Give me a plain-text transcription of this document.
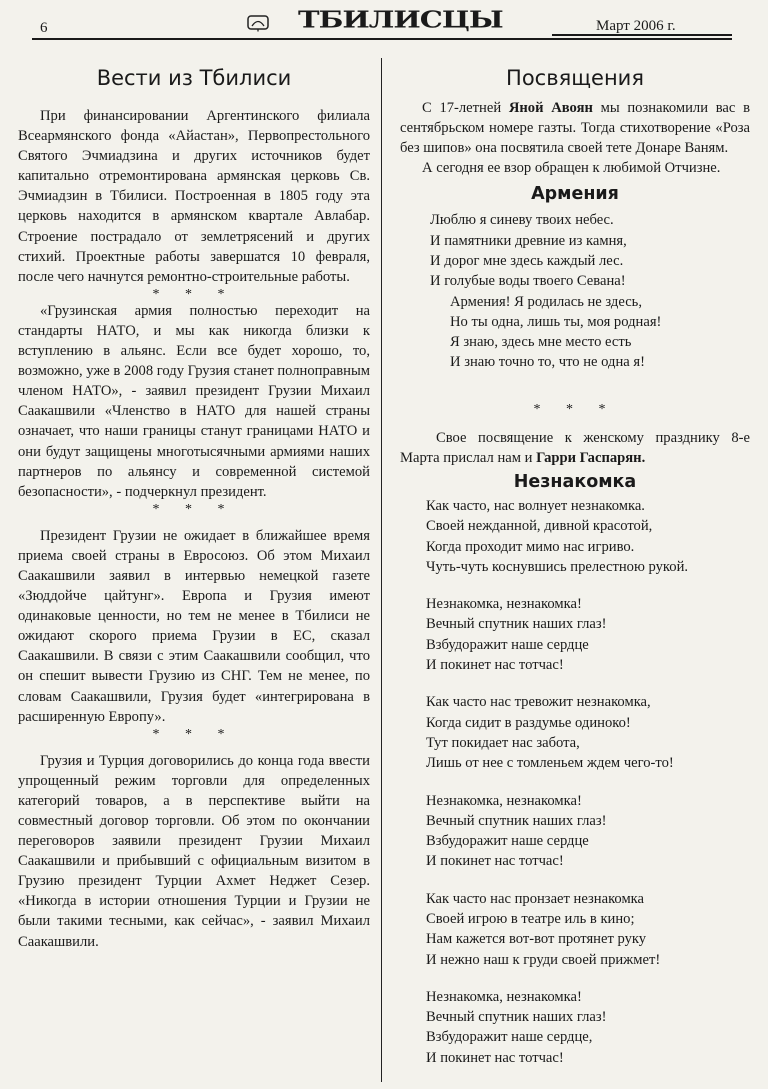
6	ТБИЛИСЦЫ	Март 2006 г.
Вести из Тбилиси

При финансировании Аргентинского филиала Всеармянского фонда «Айастан», Первопрестольного Святого Эчмиадзина и других источников будет капитально отремонтирована армянская церковь Св. Эчмиадзин в Тбилиси. Построенная в 1805 году эта церковь находится в армянском квартале Авлабар. Строение пострадало от землетрясений и других стихий. Проектные работы завершатся 10 февраля, после чего начнутся ремонтно-строительные работы.

* * *

«Грузинская армия полностью переходит на стандарты НАТО, и мы как никогда близки к вступлению в альянс. Если все будет хорошо, то, возможно, уже в 2008 году Грузия станет полноправным членом НАТО», - заявил президент Грузии Михаил Саакашвили «Членство в НАТО для нашей страны означает, что наши границы станут границами НАТО и они будут защищены многотысячными армиями наших партнеров по альянсу и современной системой безопасности», - подчеркнул президент.

* * *

Президент Грузии не ожидает в ближайшее время приема своей страны в Евросоюз. Об этом Михаил Саакашвили заявил в интервью немецкой газете «Зюддойче цайтунг». Европа и Грузия имеют одинаковые ценности, но тем не менее в Тбилиси не ожидают скорого приема Грузии в ЕС, сказал Саакашвили. В связи с этим Саакашвили сообщил, что он спешит вывести Грузию из СНГ. Тем не менее, по словам Саакашвили, Грузия будет «интегрирована в расширенную Европу».

* * *

Грузия и Турция договорились до конца года ввести упрощенный режим торговли для определенных категорий товаров, а в перспективе выйти на совместный договор торговли. Об этом по окончании переговоров заявили президент Грузии Михаил Саакашвили и прибывший с официальным визитом в Грузию президент Турции Ахмет Неджет Сезер. «Никогда в истории отношения Турции и Грузии не были такими тесными, как сейчас», - заявил Михаил Саакашвили.

Посвящения

С 17-летней Яной Авоян мы познакомили вас в сентябрьском номере газты. Тогда стихотворение «Роза без шипов» она посвятила своей тете Донаре Ваням.

А сегодня ее взор обращен к любимой Отчизне.

Армения
Люблю я синеву твоих небес.
И памятники древние из камня,
И дорог мне здесь каждый лес.
И голубые воды твоего Севана!
Армения! Я родилась не здесь,
Но ты одна, лишь ты, моя родная!
Я знаю, здесь мне место есть
И знаю точно то, что не одна я!
* * *

Свое посвящение к женскому празднику 8-е Марта прислал нам и Гарри Гаспарян.

Незнакомка
Как часто, нас волнует незнакомка.
Своей нежданной, дивной красотой,
Когда проходит мимо нас игриво.
Чуть-чуть коснувшись прелестною рукой.
Незнакомка, незнакомка!
Вечный спутник наших глаз!
Взбудоражит наше сердце
И покинет нас тотчас!
Как часто нас тревожит незнакомка,
Когда сидит в раздумье одиноко!
Тут покидает нас забота,
Лишь от нее с томленьем ждем чего-то!
Незнакомка, незнакомка!
Вечный спутник наших глаз!
Взбудоражит наше сердце
И покинет нас тотчас!
Как часто нас пронзает незнакомка
Своей игрою в театре иль в кино;
Нам кажется вот-вот протянет руку
И нежно наш к груди своей прижмет!
Незнакомка, незнакомка!
Вечный спутник наших глаз!
Взбудоражит наше сердце,
И покинет нас тотчас!
